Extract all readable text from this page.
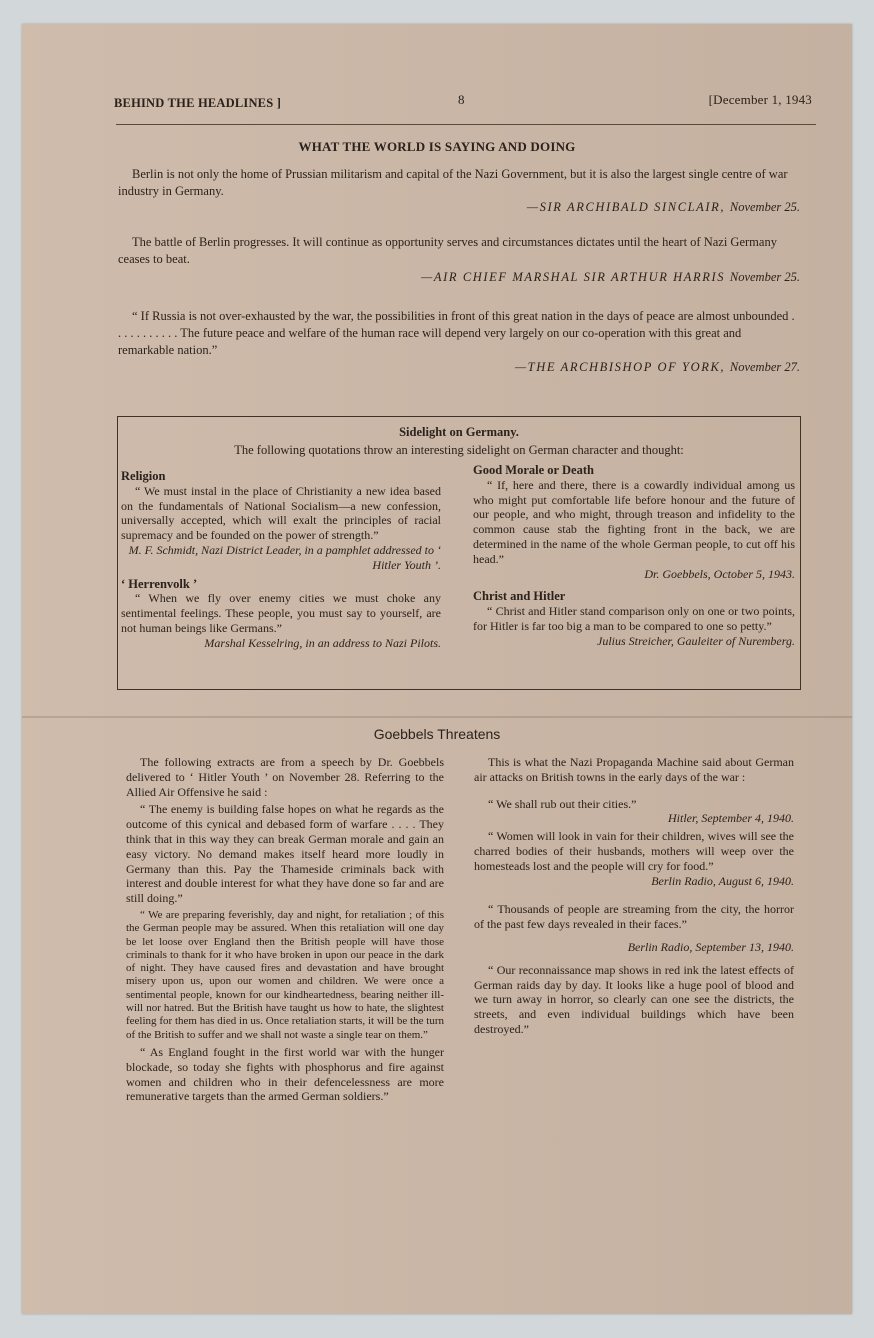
BEHIND THE HEADLINES ]	8	[December 1, 1943
WHAT THE WORLD IS SAYING AND DOING

Berlin is not only the home of Prussian militarism and capital of the Nazi Government, but it is also the largest single centre of war industry in Germany.

—SIR ARCHIBALD SINCLAIR, November 25.

The battle of Berlin progresses. It will continue as opportunity serves and circumstances dictates until the heart of Nazi Germany ceases to beat.

—AIR CHIEF MARSHAL SIR ARTHUR HARRIS November 25.

“ If Russia is not over-exhausted by the war, the possibilities in front of this great nation in the days of peace are almost unbounded . . . . . . . . . . . The future peace and welfare of the human race will depend very largely on our co-operation with this great and remarkable nation.”

—THE ARCHBISHOP OF YORK, November 27.
Sidelight on Germany.
The following quotations throw an interesting sidelight on German character and thought:

Religion

“ We must instal in the place of Christianity a new idea based on the fundamentals of National Socialism—a new confession, universally accepted, which will exalt the principles of racial supremacy and be founded on the power of strength.”

M. F. Schmidt, Nazi District Leader, in a pamphlet addressed to ‘ Hitler Youth ’.

‘ Herrenvolk ’

“ When we fly over enemy cities we must choke any sentimental feelings. These people, you must say to yourself, are not human beings like Germans.”

Marshal Kesselring, in an address to Nazi Pilots.

Good Morale or Death

“ If, here and there, there is a cowardly individual among us who might put comfortable life before honour and the future of our people, and who might, through treason and infidelity to the common cause stab the fighting front in the back, we are determined in the name of the whole German people, to cut off his head.”

Dr. Goebbels, October 5, 1943.

Christ and Hitler

“ Christ and Hitler stand comparison only on one or two points, for Hitler is far too big a man to be compared to one so petty.”

Julius Streicher, Gauleiter of Nuremberg.

Goebbels Threatens

The following extracts are from a speech by Dr. Goebbels delivered to ‘ Hitler Youth ’ on November 28. Referring to the Allied Air Offensive he said :

“ The enemy is building false hopes on what he regards as the outcome of this cynical and debased form of warfare . . . . They think that in this way they can break German morale and gain an easy victory. No demand makes itself heard more loudly in Germany than this. Pay the Thameside criminals back with interest and double interest for what they have done so far and are still doing.”

“ We are preparing feverishly, day and night, for retaliation ; of this the German people may be assured. When this retaliation will one day be let loose over England then the British people will have those criminals to thank for it who have broken in upon our peace in the dark of night. They have caused fires and devastation and have brought misery upon us, upon our women and children. We were once a sentimental people, known for our kindheartedness, bearing neither ill-will nor hatred. But the British have taught us how to hate, the slightest feeling for them has died in us. Once retaliation starts, it will be the turn of the British to suffer and we shall not waste a single tear on them.”

“ As England fought in the first world war with the hunger blockade, so today she fights with phosphorus and fire against women and children who in their defencelessness are more remunerative targets than the armed German soldiers.”

This is what the Nazi Propaganda Machine said about German air attacks on British towns in the early days of the war :

“ We shall rub out their cities.”

Hitler, September 4, 1940.

“ Women will look in vain for their children, wives will see the charred bodies of their husbands, mothers will weep over the homesteads lost and the people will cry for food.”

Berlin Radio, August 6, 1940.

“ Thousands of people are streaming from the city, the horror of the past few days revealed in their faces.”

Berlin Radio, September 13, 1940.

“ Our reconnaissance map shows in red ink the latest effects of German raids day by day. It looks like a huge pool of blood and we turn away in horror, so clearly can one see the districts, the streets, and even individual buildings which have been destroyed.”
